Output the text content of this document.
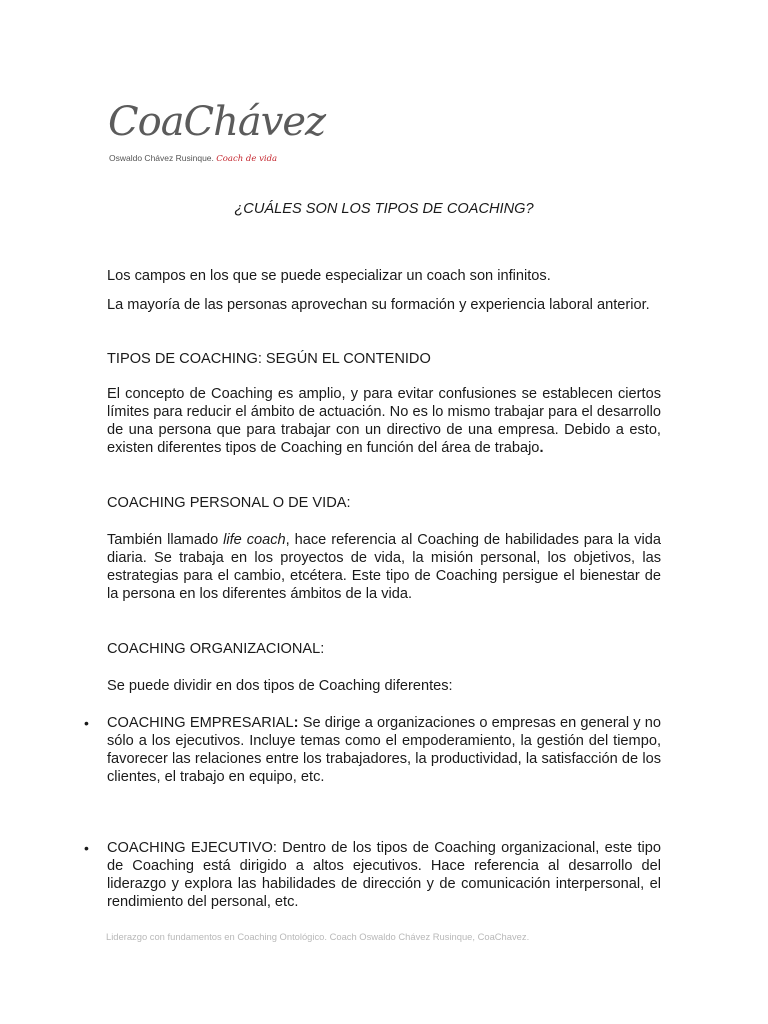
CoaChávez
Oswaldo Chávez Rusinque. Coach de vida
¿CUÁLES SON LOS TIPOS DE COACHING?
Los campos en los que se puede especializar un coach son infinitos.
La mayoría de las personas aprovechan su formación y experiencia laboral anterior.
TIPOS DE COACHING: SEGÚN EL CONTENIDO
El concepto de Coaching es amplio, y para evitar confusiones se establecen ciertos límites para reducir el ámbito de actuación. No es lo mismo trabajar para el desarrollo de una persona que para trabajar con un directivo de una empresa. Debido a esto, existen diferentes tipos de Coaching en función del área de trabajo.
COACHING PERSONAL O DE VIDA:
También llamado life coach, hace referencia al Coaching de habilidades para la vida diaria. Se trabaja en los proyectos de vida, la misión personal, los objetivos, las estrategias para el cambio, etcétera. Este tipo de Coaching persigue el bienestar de la persona en los diferentes ámbitos de la vida.
COACHING ORGANIZACIONAL:
Se puede dividir en dos tipos de Coaching diferentes:
• COACHING EMPRESARIAL: Se dirige a organizaciones o empresas en general y no sólo a los ejecutivos. Incluye temas como el empoderamiento, la gestión del tiempo, favorecer las relaciones entre los trabajadores, la productividad, la satisfacción de los clientes, el trabajo en equipo, etc.
• COACHING EJECUTIVO: Dentro de los tipos de Coaching organizacional, este tipo de Coaching está dirigido a altos ejecutivos. Hace referencia al desarrollo del liderazgo y explora las habilidades de dirección y de comunicación interpersonal, el rendimiento del personal, etc.
Liderazgo con fundamentos en Coaching Ontológico. Coach Oswaldo Chávez Rusinque, CoaChavez.
